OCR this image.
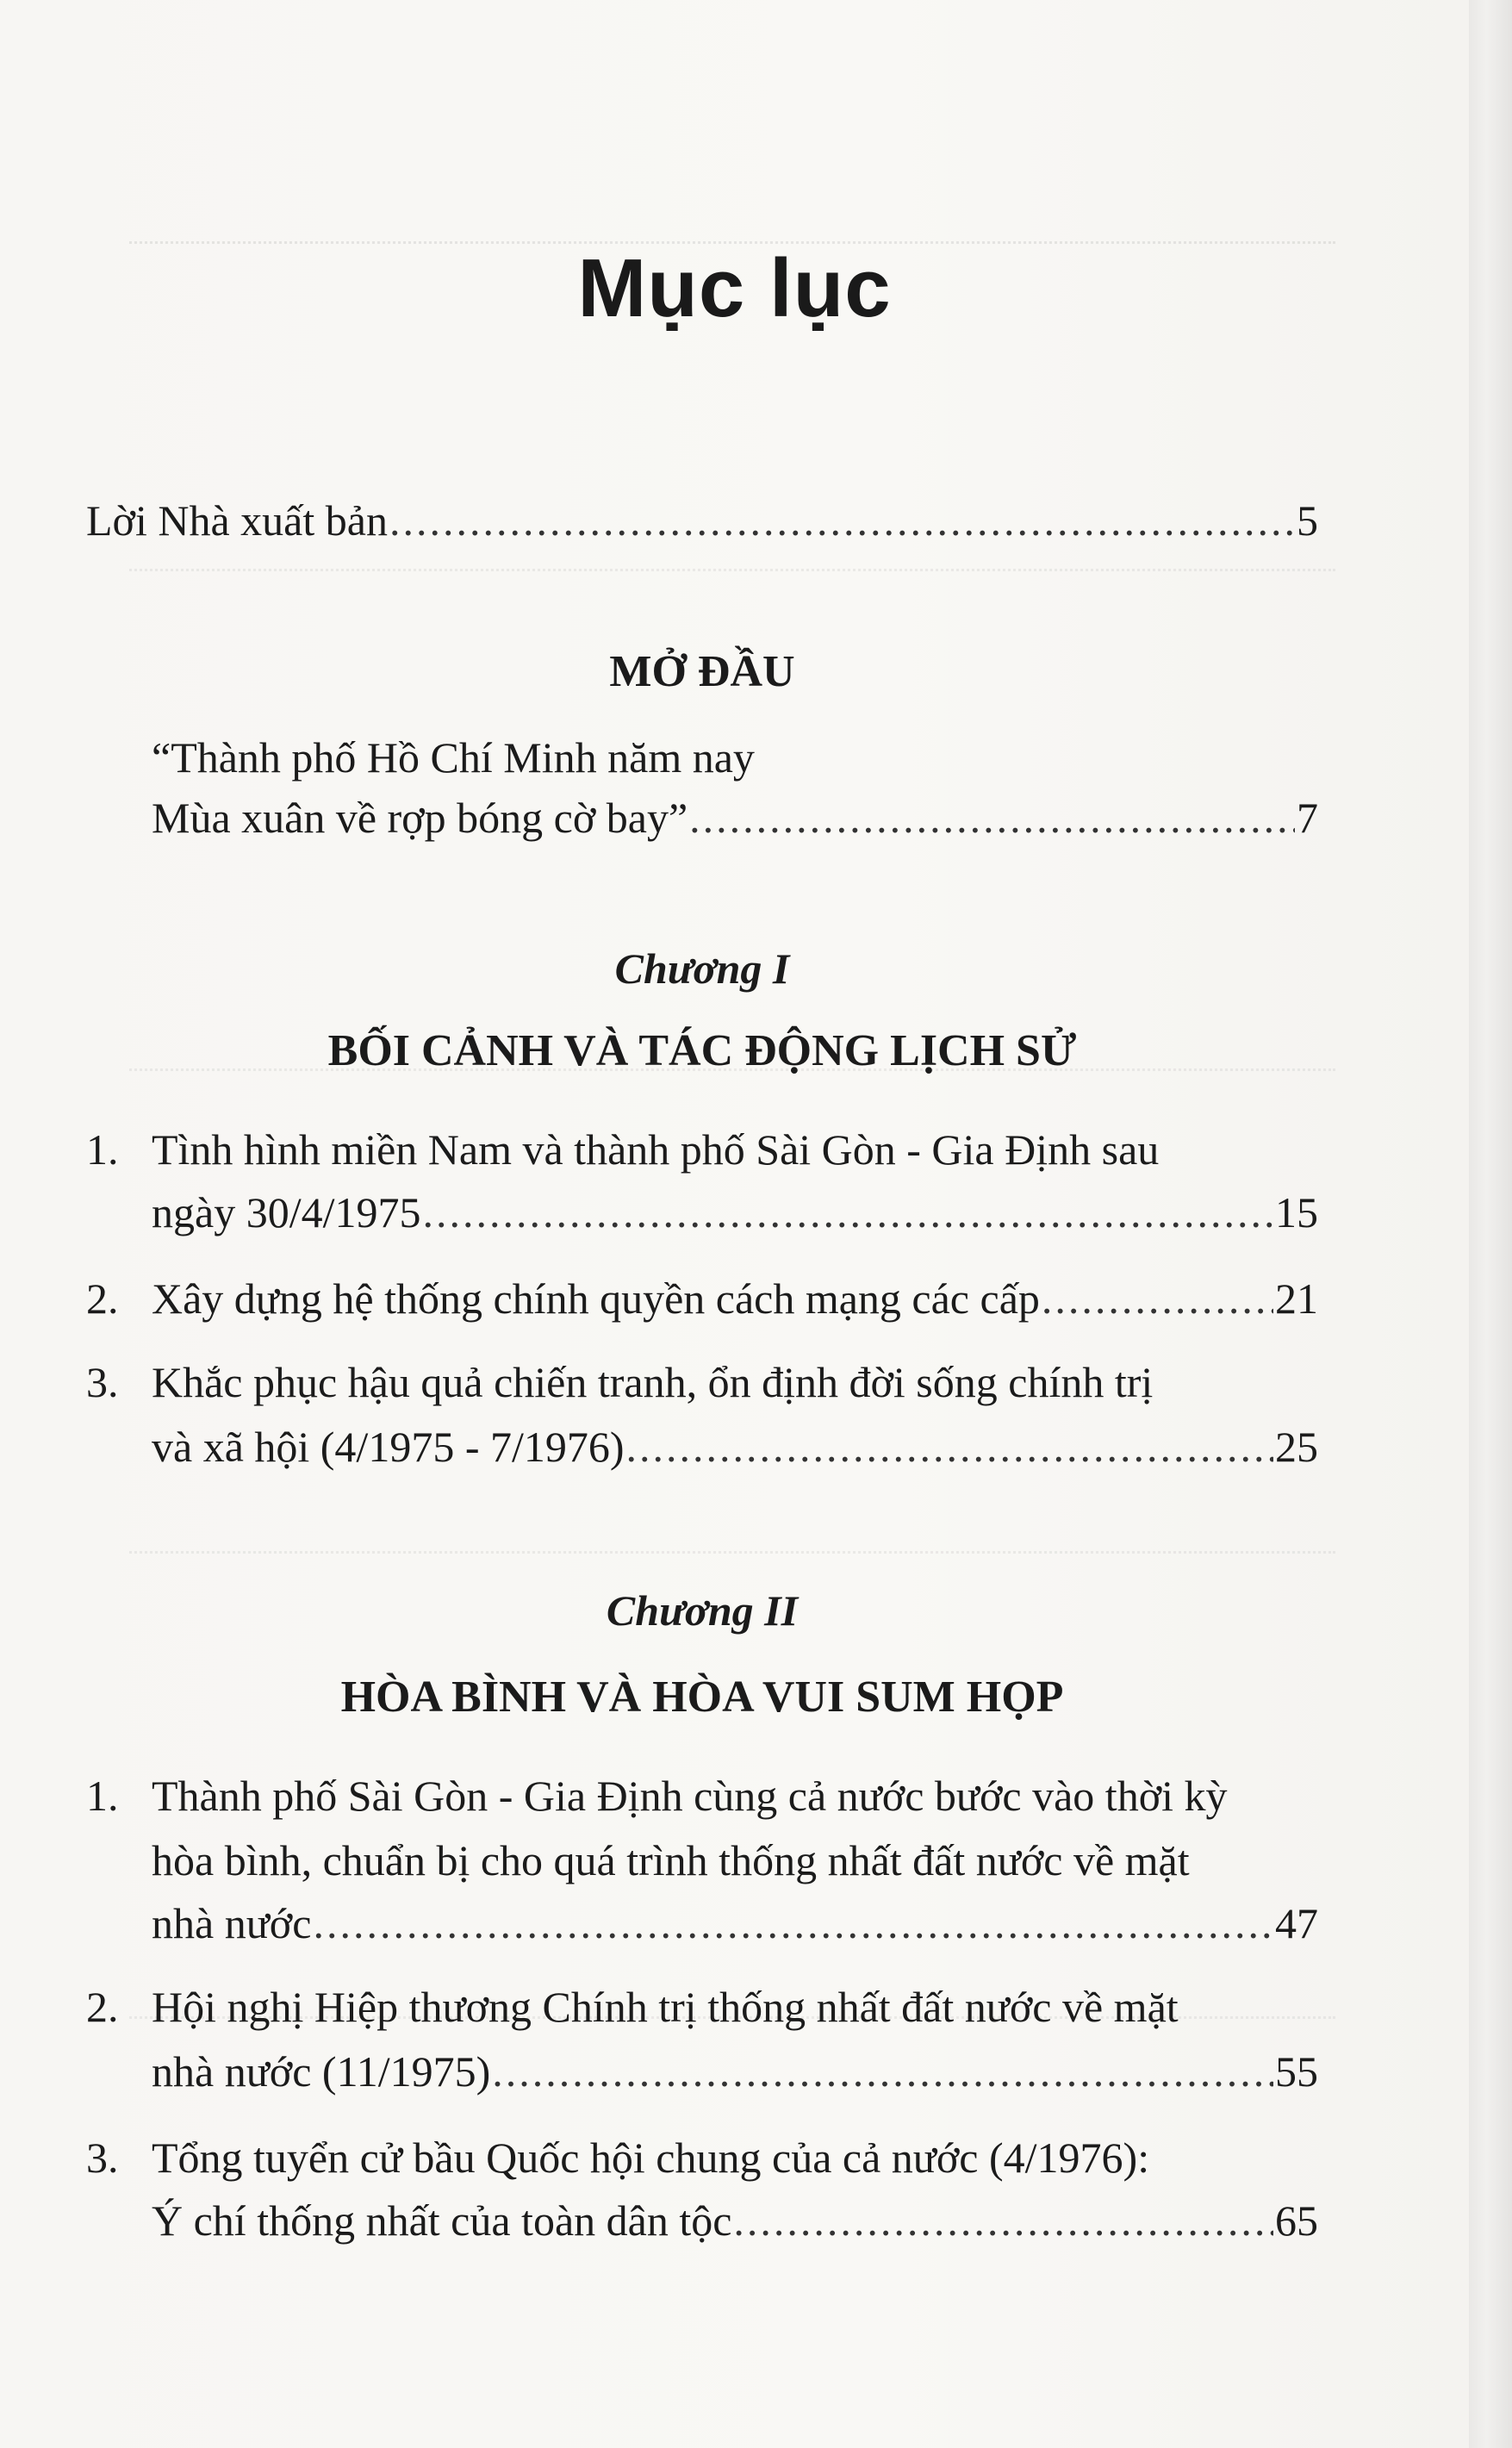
Mục lục
Lời Nhà xuất bản .....	5
MỞ ĐẦU
“Thành phố Hồ Chí Minh năm nay
Mùa xuân về rợp bóng cờ bay” .....	7
Chương I
BỐI CẢNH VÀ TÁC ĐỘNG LỊCH SỬ
1. Tình hình miền Nam và thành phố Sài Gòn - Gia Định sau
ngày 30/4/1975 .....	15
2. Xây dựng hệ thống chính quyền cách mạng các cấp .....	21
3. Khắc phục hậu quả chiến tranh, ổn định đời sống chính trị
và xã hội (4/1975 - 7/1976) .....	25
Chương II
HÒA BÌNH VÀ HÒA VUI SUM HỌP
1. Thành phố Sài Gòn - Gia Định cùng cả nước bước vào thời kỳ
hòa bình, chuẩn bị cho quá trình thống nhất đất nước về mặt
nhà nước .....	47
2. Hội nghị Hiệp thương Chính trị thống nhất đất nước về mặt
nhà nước (11/1975) .....	55
3. Tổng tuyển cử bầu Quốc hội chung của cả nước (4/1976):
Ý chí thống nhất của toàn dân tộc .....	65
